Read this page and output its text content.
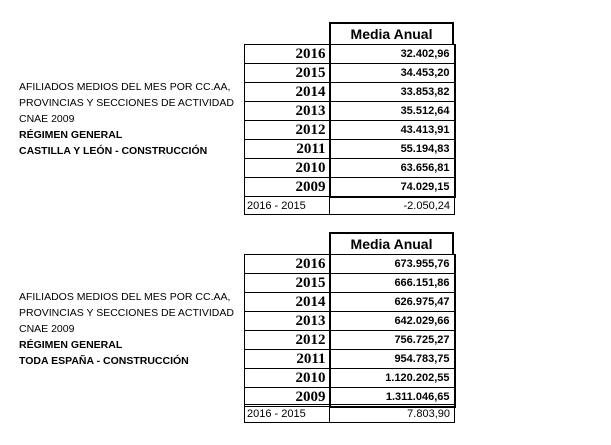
Media Anual
AFILIADOS MEDIOS DEL MES POR CC.AA,
PROVINCIAS Y SECCIONES DE ACTIVIDAD
CNAE 2009
RÉGIMEN GENERAL
CASTILLA Y LEÓN - CONSTRUCCIÓN
2016	32.402,96
2015	34.453,20
2014	33.853,82
2013	35.512,64
2012	43.413,91
2011	55.194,83
2010	63.656,81
2009	74.029,15
2016 - 2015	-2.050,24
Media Anual
AFILIADOS MEDIOS DEL MES POR CC.AA,
PROVINCIAS Y SECCIONES DE ACTIVIDAD
CNAE 2009
RÉGIMEN GENERAL
TODA ESPAÑA - CONSTRUCCIÓN
2016	673.955,76
2015	666.151,86
2014	626.975,47
2013	642.029,66
2012	756.725,27
2011	954.783,75
2010	1.120.202,55
2009	1.311.046,65
2016 - 2015	7.803,90
